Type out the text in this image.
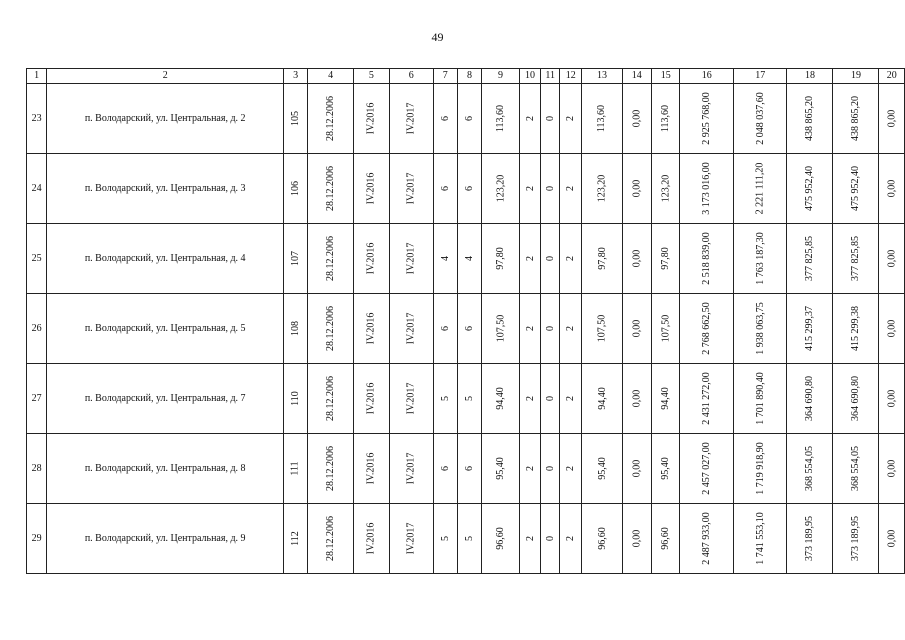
49
1	2	3	4	5	6	7	8	9	10	11	12	13	14	15	16	17	18	19	20
23	п. Володарский, ул. Центральная, д. 2	105	28.12.2006	IV.2016	IV.2017	6	6	113,60	2	0	2	113,60	0,00	113,60	2 925 768,00	2 048 037,60	438 865,20	438 865,20	0,00
24	п. Володарский, ул. Центральная, д. 3	106	28.12.2006	IV.2016	IV.2017	6	6	123,20	2	0	2	123,20	0,00	123,20	3 173 016,00	2 221 111,20	475 952,40	475 952,40	0,00
25	п. Володарский, ул. Центральная, д. 4	107	28.12.2006	IV.2016	IV.2017	4	4	97,80	2	0	2	97,80	0,00	97,80	2 518 839,00	1 763 187,30	377 825,85	377 825,85	0,00
26	п. Володарский, ул. Центральная, д. 5	108	28.12.2006	IV.2016	IV.2017	6	6	107,50	2	0	2	107,50	0,00	107,50	2 768 662,50	1 938 063,75	415 299,37	415 299,38	0,00
27	п. Володарский, ул. Центральная, д. 7	110	28.12.2006	IV.2016	IV.2017	5	5	94,40	2	0	2	94,40	0,00	94,40	2 431 272,00	1 701 890,40	364 690,80	364 690,80	0,00
28	п. Володарский, ул. Центральная, д. 8	111	28.12.2006	IV.2016	IV.2017	6	6	95,40	2	0	2	95,40	0,00	95,40	2 457 027,00	1 719 918,90	368 554,05	368 554,05	0,00
29	п. Володарский, ул. Центральная, д. 9	112	28.12.2006	IV.2016	IV.2017	5	5	96,60	2	0	2	96,60	0,00	96,60	2 487 933,00	1 741 553,10	373 189,95	373 189,95	0,00
